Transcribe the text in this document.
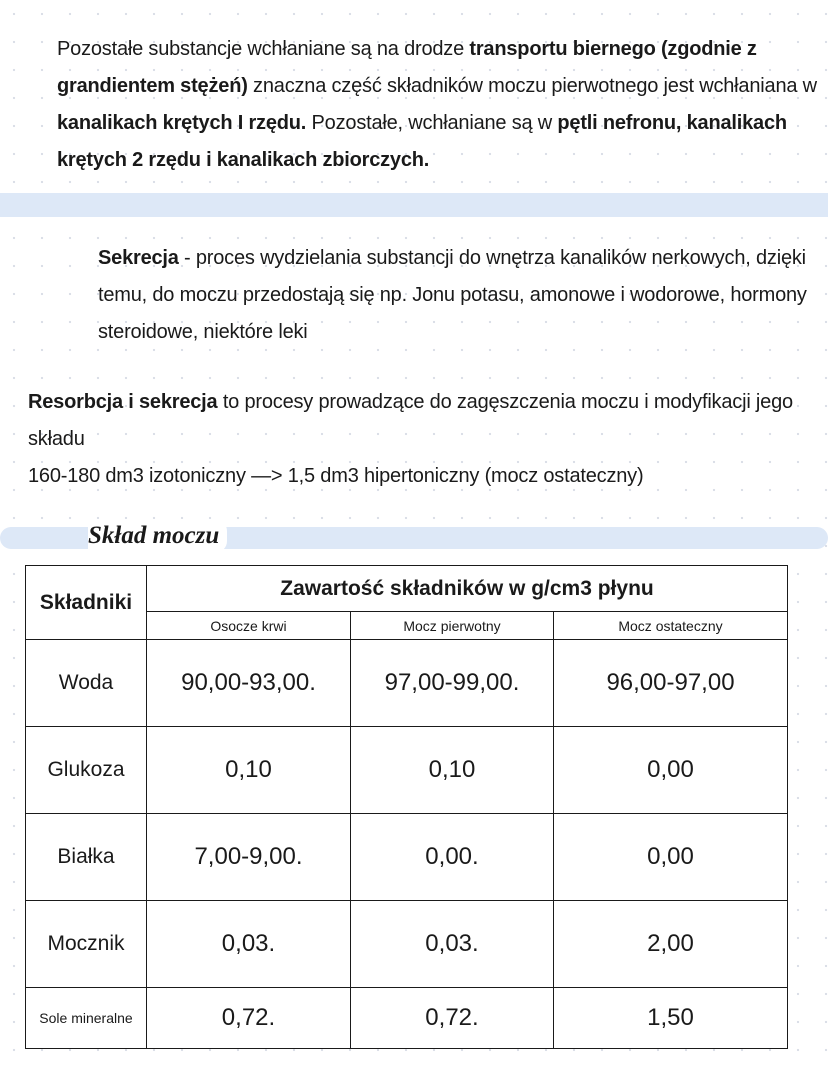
Pozostałe substancje wchłaniane są na drodze transportu biernego (zgodnie z grandientem stężeń) znaczna część składników moczu pierwotnego jest wchłaniana w kanalikach krętych I rzędu. Pozostałe, wchłaniane są w pętli nefronu, kanalikach krętych 2 rzędu i kanalikach zbiorczych.
Sekrecja - proces wydzielania substancji do wnętrza kanalików nerkowych, dzięki temu, do moczu przedostają się np. Jonu potasu, amonowe i wodorowe, hormony steroidowe, niektóre leki
Resorbcja i sekrecja to procesy prowadzące do zagęszczenia moczu i modyfikacji jego składu
160-180 dm3 izotoniczny —> 1,5 dm3 hipertoniczny (mocz ostateczny)
Skład moczu
Składniki	Zawartość składników w g/cm3 płynu		
	Osocze krwi	Mocz pierwotny	Mocz ostateczny
Woda	90,00-93,00.	97,00-99,00.	96,00-97,00
Glukoza	0,10	0,10	0,00
Białka	7,00-9,00.	0,00.	0,00
Mocznik	0,03.	0,03.	2,00
Sole mineralne	0,72.	0,72.	1,50
